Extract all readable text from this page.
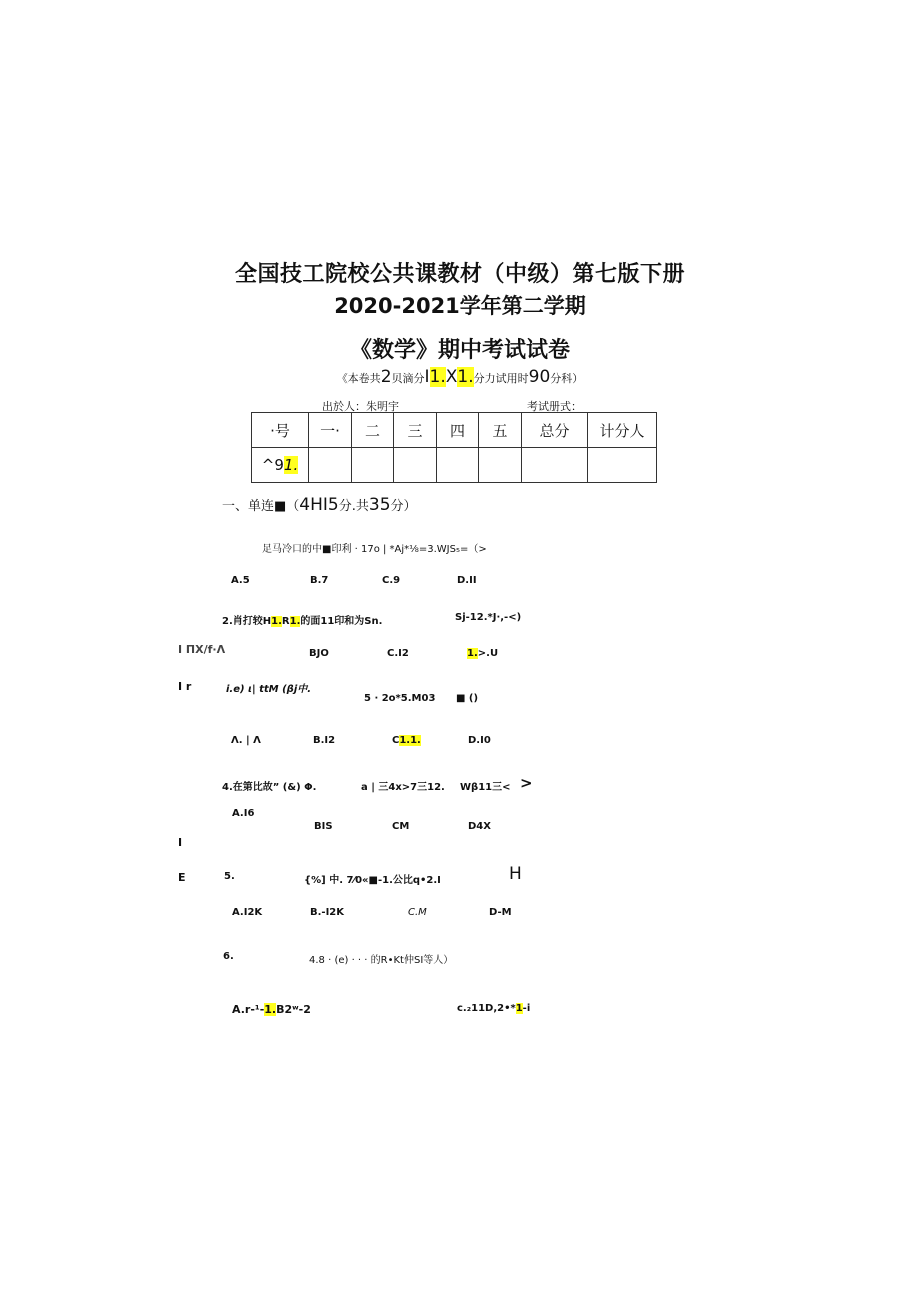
全国技工院校公共课教材（中级）第七版下册
2020-2021学年第二学期
《数学》期中考试试卷
《本卷共2贝滴分I1.X1.分力试用时90分科）
出於人：朱明宇	考试册式：
·号	一·	二	三	四	五	总分	计分人
^91.							
一、单连■（4HI5分.共35分）
足马冷口的中■印利 · 17o | *Aj*⅛=3.WJS₅=（>
A.5	B.7	C.9	D.II
2.肖打较H1.R1.的面11印和为Sn.	Sj-12.*J·,-<)
I ΠX/f·Λ	BJO	C.I2	1.>.U
I r	i.e) ι| ttM (βj中.
5 · 2o*5.M03 ■ ()
Λ. | Λ	B.I2	C1.1.	D.I0
4.在第比故” (&) Φ.	a | 三4x>7三12. Wβ11三< >
A.I6
BIS	CM	D4X
I
E	5.	{%] 中. 7⁄0«■-1.公比q•2.I	H
A.I2K	B.-I2K	C.M	D-M
6.	4.8 · (e) · · · 的R•Kt仲SI等人）
A.r-¹-1.B2ʷ-2	c.₂11D,2•*1-i
